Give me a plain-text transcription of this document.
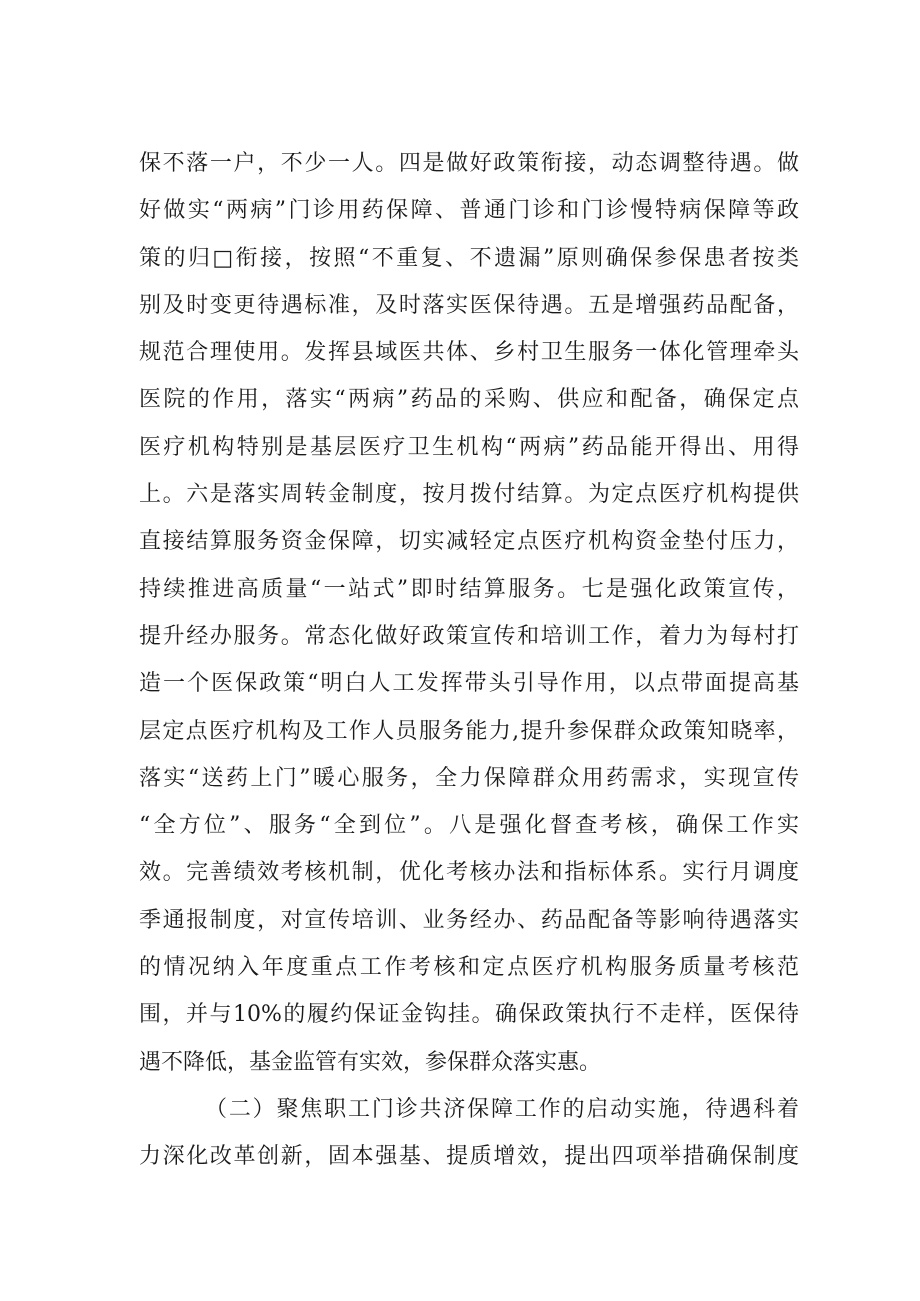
保不落一户，不少一人。四是做好政策衔接，动态调整待遇。做
好做实“两病”门诊用药保障、普通门诊和门诊慢特病保障等政
策的归□衔接，按照“不重复、不遗漏”原则确保参保患者按类
别及时变更待遇标准，及时落实医保待遇。五是增强药品配备，
规范合理使用。发挥县域医共体、乡村卫生服务一体化管理牵头
医院的作用，落实“两病”药品的采购、供应和配备，确保定点
医疗机构特别是基层医疗卫生机构“两病”药品能开得出、用得
上。六是落实周转金制度，按月拨付结算。为定点医疗机构提供
直接结算服务资金保障，切实减轻定点医疗机构资金垫付压力，
持续推进高质量“一站式”即时结算服务。七是强化政策宣传，
提升经办服务。常态化做好政策宣传和培训工作，着力为每村打
造一个医保政策“明白人工发挥带头引导作用，以点带面提高基
层定点医疗机构及工作人员服务能力,提升参保群众政策知晓率，
落实“送药上门”暖心服务，全力保障群众用药需求，实现宣传
“全方位”、服务“全到位”。八是强化督查考核，确保工作实
效。完善绩效考核机制，优化考核办法和指标体系。实行月调度
季通报制度，对宣传培训、业务经办、药品配备等影响待遇落实
的情况纳入年度重点工作考核和定点医疗机构服务质量考核范
围，并与10%的履约保证金钩挂。确保政策执行不走样，医保待
遇不降低，基金监管有实效，参保群众落实惠。
（二）聚焦职工门诊共济保障工作的启动实施，待遇科着
力深化改革创新，固本强基、提质增效，提出四项举措确保制度
